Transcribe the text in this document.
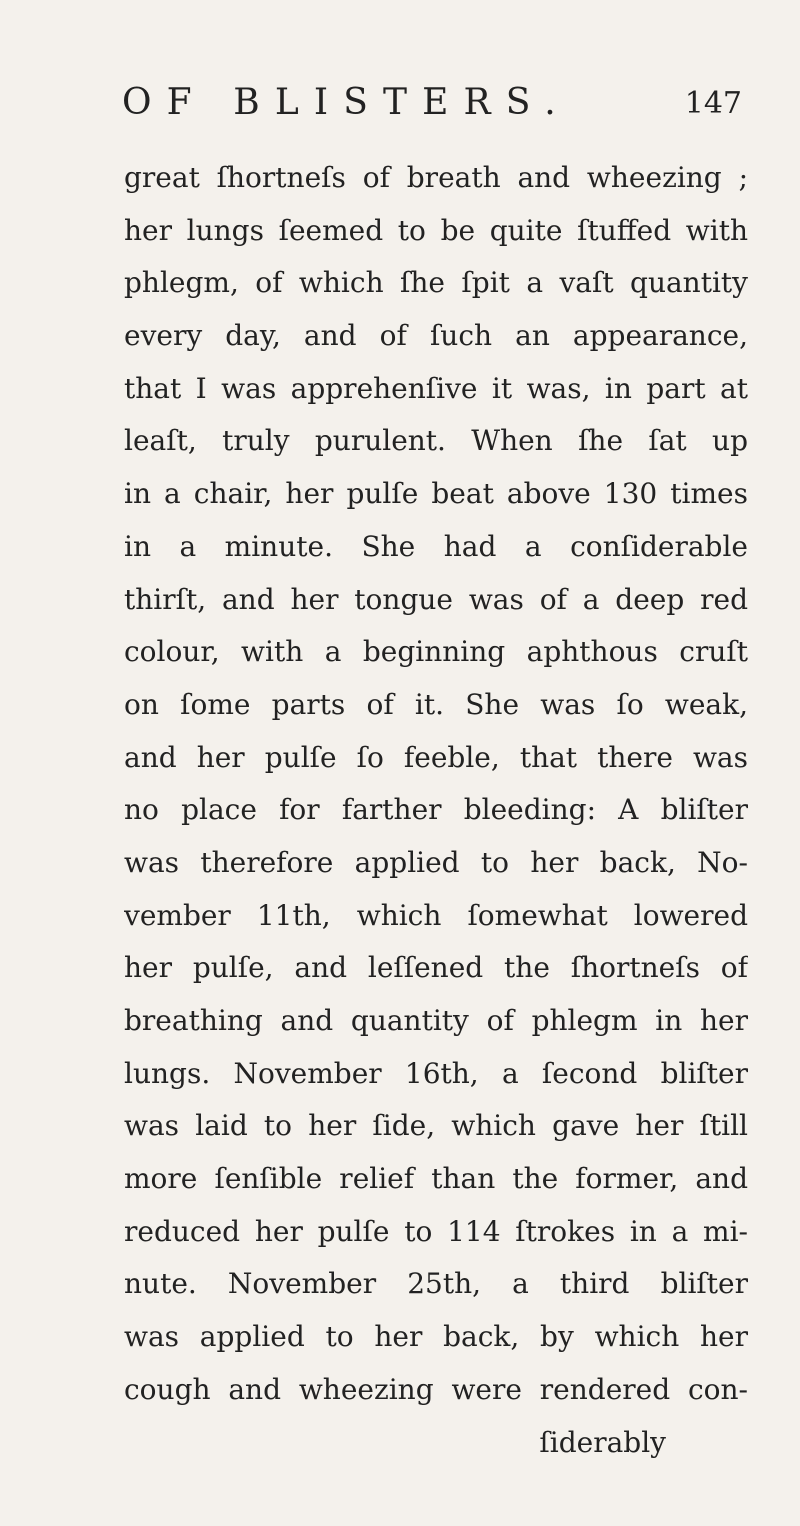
OF BLISTERS.	147
great ſhortneſs of breath and wheezing ;
her lungs ſeemed to be quite ſtuffed with
phlegm, of which ſhe ſpit a vaſt quantity
every day, and of ſuch an appearance,
that I was apprehenſive it was, in part at
leaſt, truly purulent. When ſhe ſat up
in a chair, her pulſe beat above 130 times
in a minute. She had a conſiderable
thirſt, and her tongue was of a deep red
colour, with a beginning aphthous cruſt
on ſome parts of it. She was ſo weak,
and her pulſe ſo feeble, that there was
no place for farther bleeding: A bliſter
was therefore applied to her back, No-
vember 11th, which ſomewhat lowered
her pulſe, and leſſened the ſhortneſs of
breathing and quantity of phlegm in her
lungs. November 16th, a ſecond bliſter
was laid to her ſide, which gave her ſtill
more ſenſible relief than the former, and
reduced her pulſe to 114 ſtrokes in a mi-
nute. November 25th, a third bliſter
was applied to her back, by which her
cough and wheezing were rendered con-
ſiderably
